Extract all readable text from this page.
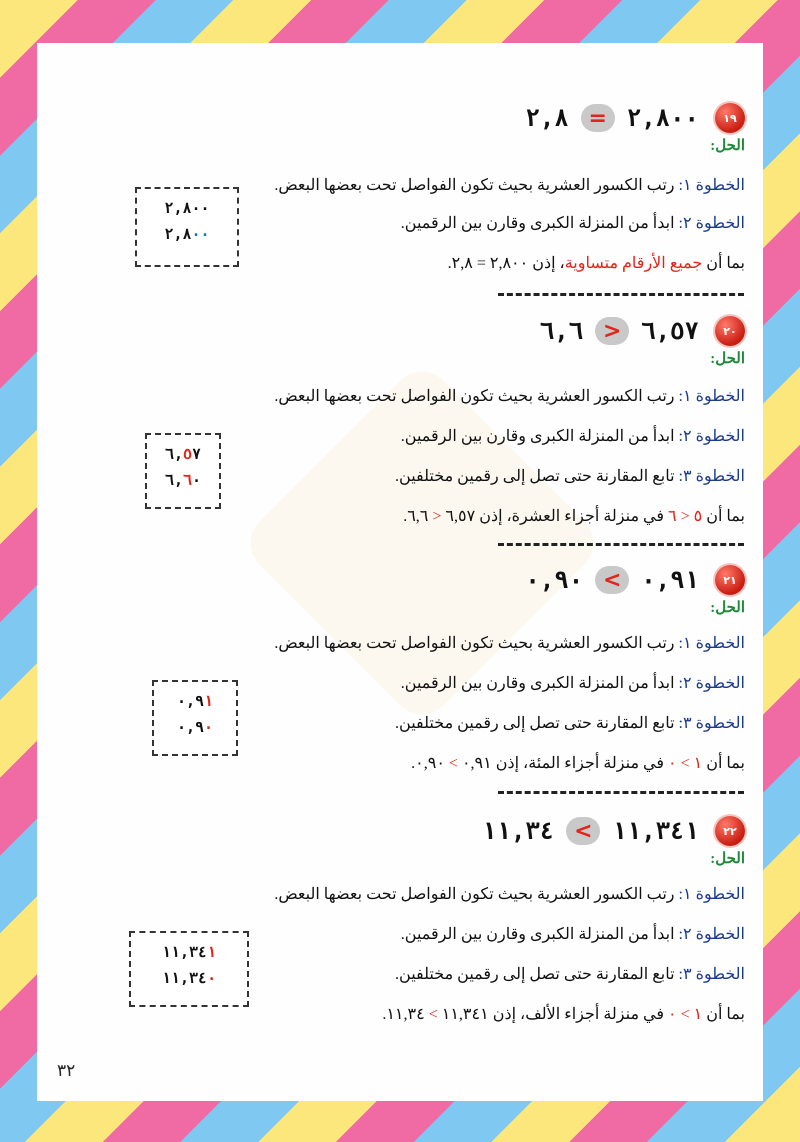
١٩
٢,٨٠٠
=
٢,٨
الحل:
الخطوة ١: رتب الكسور العشرية بحيث تكون الفواصل تحت بعضها البعض.
الخطوة ٢: ابدأ من المنزلة الكبرى وقارن بين الرقمين.
بما أن جميع الأرقام متساوية، إذن ٢,٨٠٠ = ٢,٨.
٢,٨٠٠
٢,٨٠٠
٢٠
٦,٥٧
>
٦,٦
الحل:
الخطوة ١: رتب الكسور العشرية بحيث تكون الفواصل تحت بعضها البعض.
الخطوة ٢: ابدأ من المنزلة الكبرى وقارن بين الرقمين.
الخطوة ٣: تابع المقارنة حتى تصل إلى رقمين مختلفين.
بما أن ٥ < ٦ في منزلة أجزاء العشرة، إذن ٦,٥٧ < ٦,٦.
٦,٥٧
٦,٦٠
٢١
٠,٩١
<
٠,٩٠
الحل:
الخطوة ١: رتب الكسور العشرية بحيث تكون الفواصل تحت بعضها البعض.
الخطوة ٢: ابدأ من المنزلة الكبرى وقارن بين الرقمين.
الخطوة ٣: تابع المقارنة حتى تصل إلى رقمين مختلفين.
بما أن ١ > ٠ في منزلة أجزاء المئة، إذن ٠,٩١ > ٠,٩٠.
٠,٩١
٠,٩٠
٢٢
١١,٣٤١
<
١١,٣٤
الحل:
الخطوة ١: رتب الكسور العشرية بحيث تكون الفواصل تحت بعضها البعض.
الخطوة ٢: ابدأ من المنزلة الكبرى وقارن بين الرقمين.
الخطوة ٣: تابع المقارنة حتى تصل إلى رقمين مختلفين.
بما أن ١ > ٠ في منزلة أجزاء الألف، إذن ١١,٣٤١ > ١١,٣٤.
١١,٣٤١
١١,٣٤٠
٣٢
